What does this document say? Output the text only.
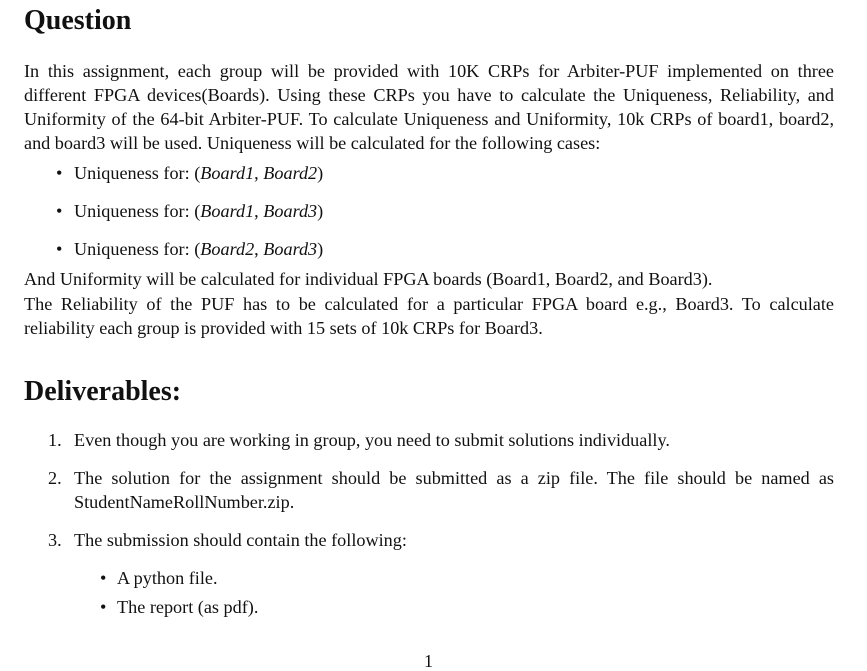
Question

In this assignment, each group will be provided with 10K CRPs for Arbiter-PUF implemented on three different FPGA devices(Boards). Using these CRPs you have to calculate the Uniqueness, Reliability, and Uniformity of the 64-bit Arbiter-PUF. To calculate Uniqueness and Uniformity, 10k CRPs of board1, board2, and board3 will be used. Uniqueness will be calculated for the following cases:

• Uniqueness for: (Board1, Board2)
• Uniqueness for: (Board1, Board3)
• Uniqueness for: (Board2, Board3)
And Uniformity will be calculated for individual FPGA boards (Board1, Board2, and Board3).
The Reliability of the PUF has to be calculated for a particular FPGA board e.g., Board3. To calculate reliability each group is provided with 15 sets of 10k CRPs for Board3.
Deliverables:
1. Even though you are working in group, you need to submit solutions individually.
2. The solution for the assignment should be submitted as a zip file. The file should be named as StudentNameRollNumber.zip.
3. The submission should contain the following:
• A python file.
• The report (as pdf).
1
